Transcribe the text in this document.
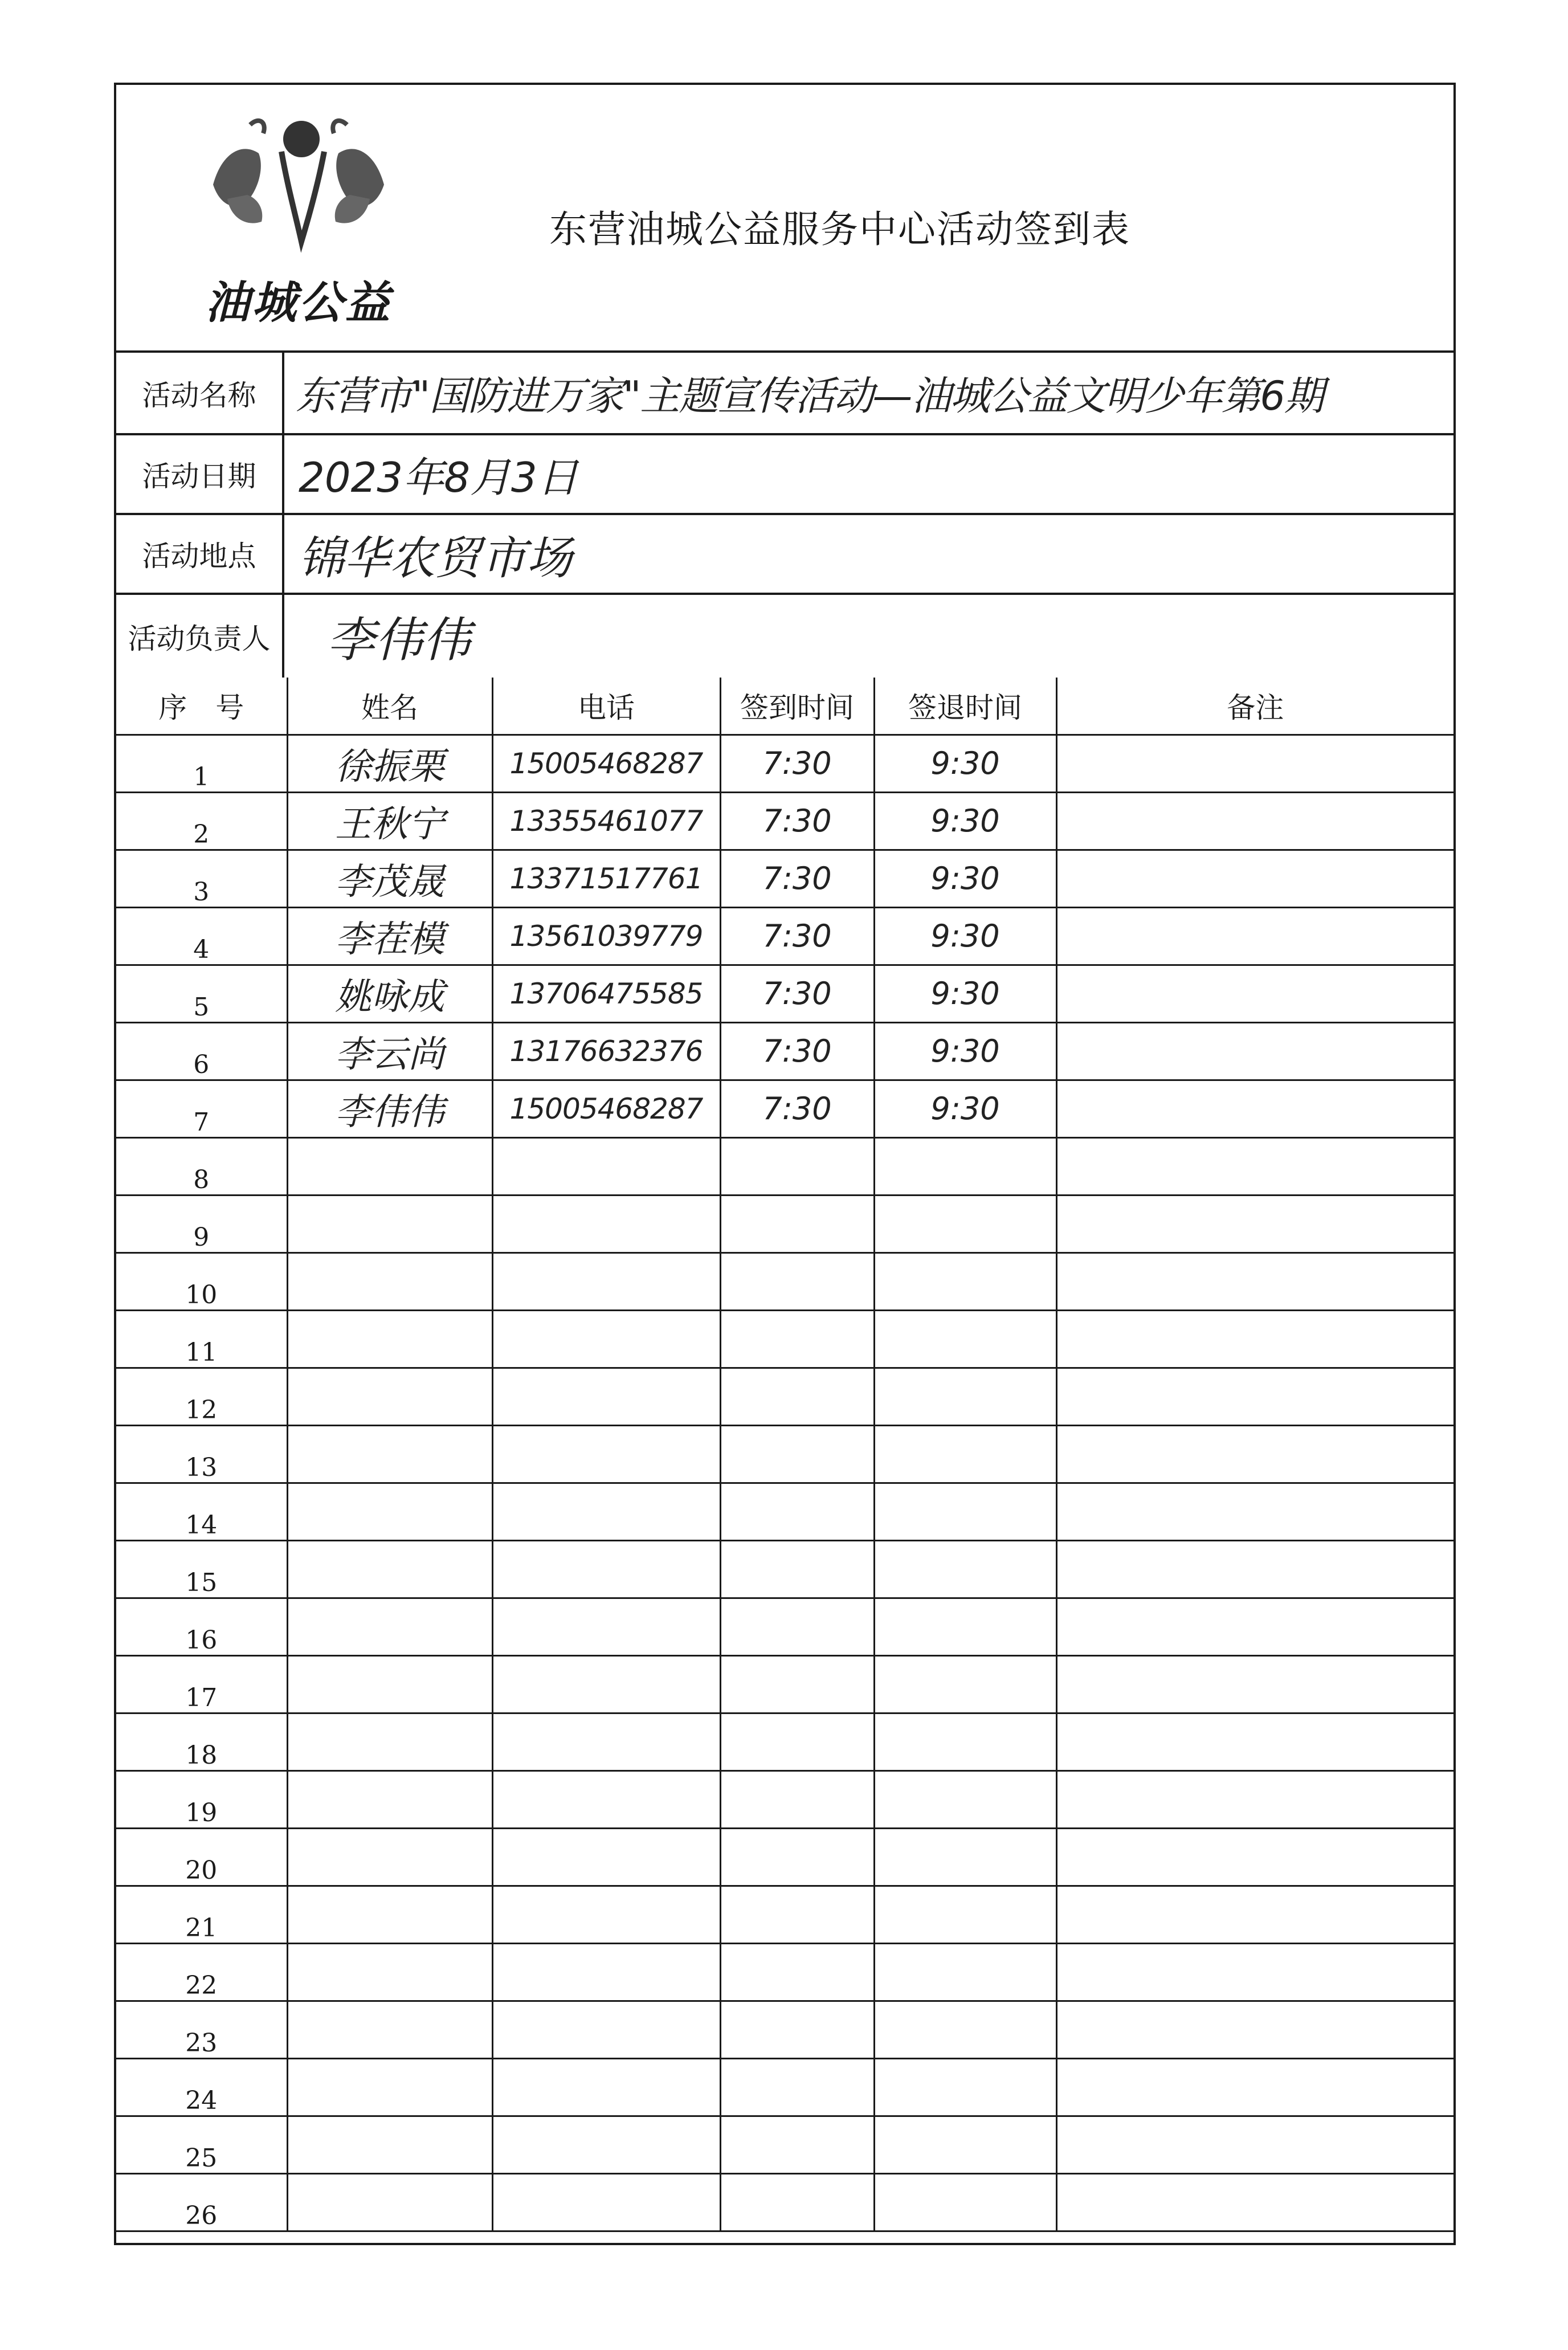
油城公益
东营油城公益服务中心活动签到表
活动名称 东营市"国防进万家"主题宣传活动—油城公益文明少年第6期
活动日期	2023年8月3日
活动地点 锦华农贸市场
活动负责人 李伟伟
序　号	姓名	电话	签到时间	签退时间	备注
1	徐振栗	15005468287	7:30	9:30	
2	王秋宁	13355461077	7:30	9:30	
3	李茂晟	13371517761	7:30	9:30	
4	李茬模	13561039779	7:30	9:30	
5	姚咏成	13706475585	7:30	9:30	
6	李云尚	13176632376	7:30	9:30	
7	李伟伟	15005468287	7:30	9:30	
8					
9					
10					
11					
12					
13					
14					
15					
16					
17					
18					
19					
20					
21					
22					
23					
24					
25					
26					
